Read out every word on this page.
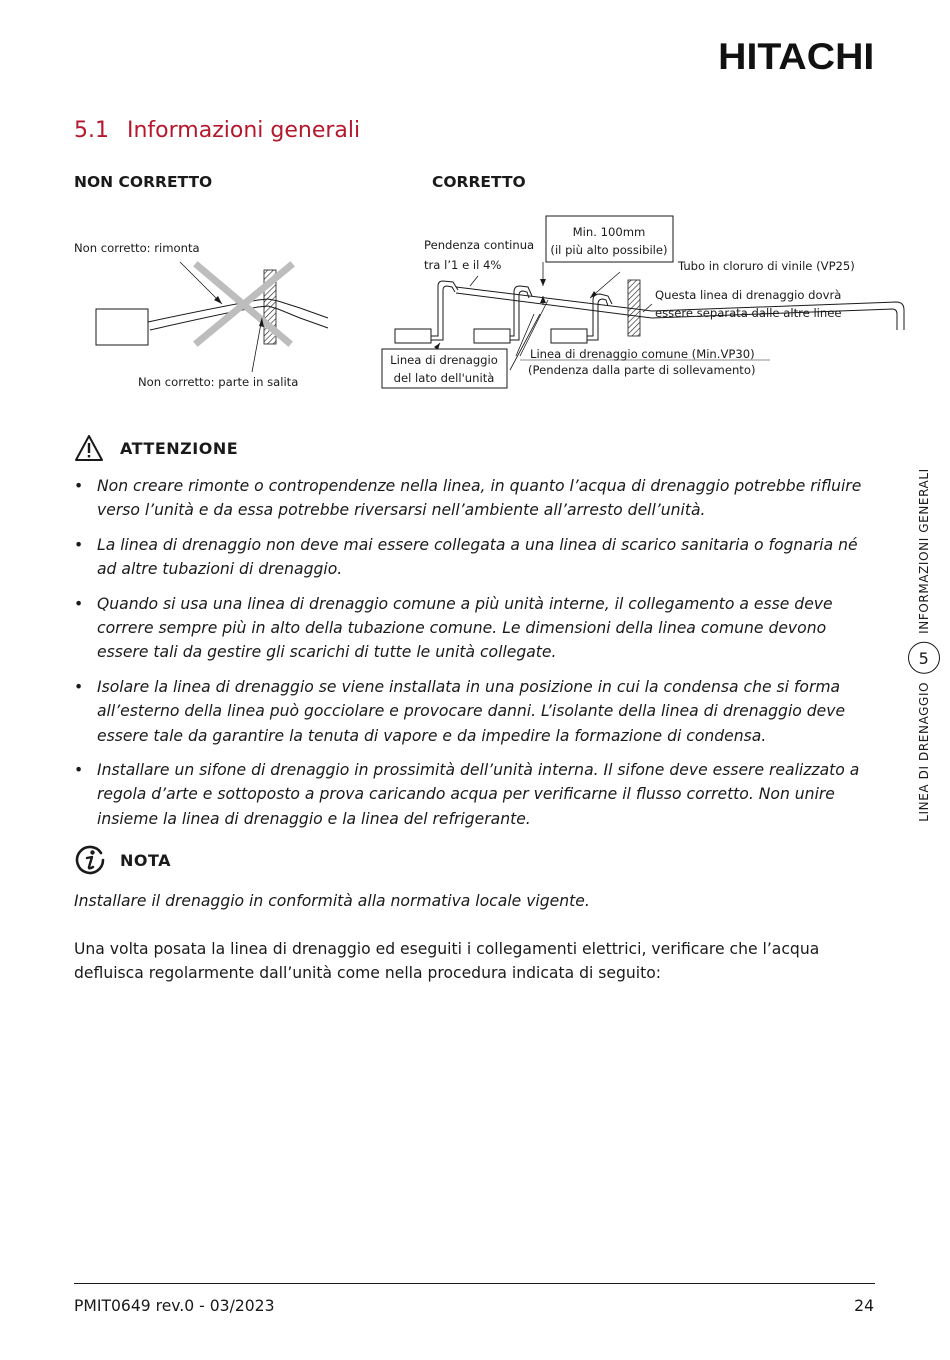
HITACHI
5.1 Informazioni generali
NON CORRETTO	CORRETTO
Non corretto: rimonta
Non corretto: parte in salita
Pendenza continua
tra l’1 e il 4%
Min. 100mm
(il più alto possibile)
Tubo in cloruro di vinile (VP25)
Questa linea di drenaggio dovrà
essere separata dalle altre linee
Linea di drenaggio
del lato dell'unità
Linea di drenaggio comune (Min.VP30)
(Pendenza dalla parte di sollevamento)
ATTENZIONE
• Non creare rimonte o contropendenze nella linea, in quanto l’acqua di drenaggio potrebbe rifluire verso l’unità e da essa potrebbe riversarsi nell’ambiente all’arresto dell’unità.
• La linea di drenaggio non deve mai essere collegata a una linea di scarico sanitaria o fognaria né ad altre tubazioni di drenaggio.
• Quando si usa una linea di drenaggio comune a più unità interne, il collegamento a esse deve correre sempre più in alto della tubazione comune. Le dimensioni della linea comune devono essere tali da gestire gli scarichi di tutte le unità collegate.
• Isolare la linea di drenaggio se viene installata in una posizione in cui la condensa che si forma all’esterno della linea può gocciolare e provocare danni. L’isolante della linea di drenaggio deve essere tale da garantire la tenuta di vapore e da impedire la formazione di condensa.
• Installare un sifone di drenaggio in prossimità dell’unità interna. Il sifone deve essere realizzato a regola d’arte e sottoposto a prova caricando acqua per verificarne il flusso corretto. Non unire insieme la linea di drenaggio e la linea del refrigerante.
NOTA
Installare il drenaggio in conformità alla normativa locale vigente.
Una volta posata la linea di drenaggio ed eseguiti i collegamenti elettrici, verificare che l’acqua defluisca regolarmente dall’unità come nella procedura indicata di seguito:
LINEA DI DRENAGGIO
5
INFORMAZIONI GENERALI
PMIT0649 rev.0 - 03/2023	24
